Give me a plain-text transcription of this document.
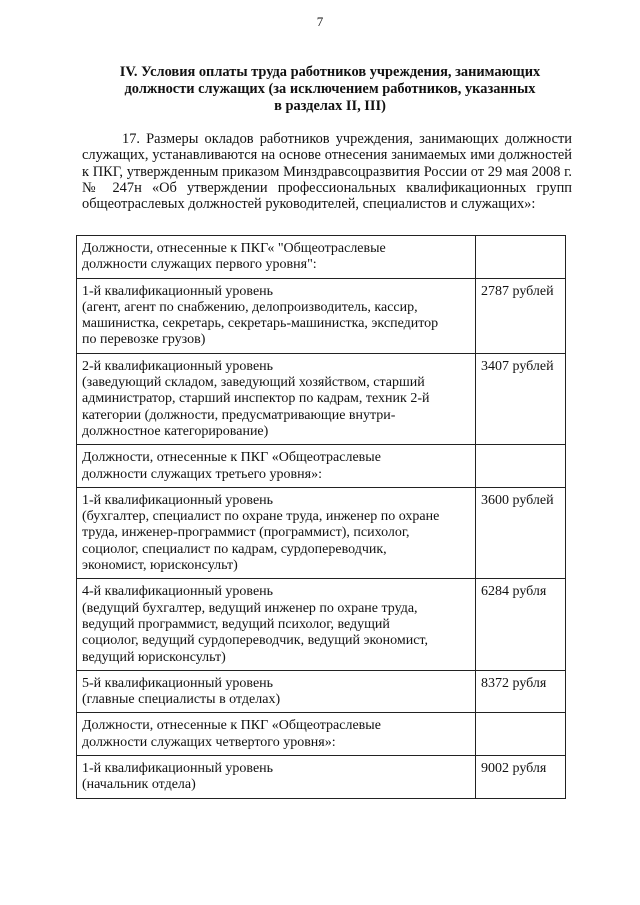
7
IV. Условия оплаты труда работников учреждения, занимающих
должности служащих (за исключением работников, указанных
в разделах II, III)
17. Размеры окладов работников учреждения, занимающих должности служащих, устанавливаются на основе отнесения занимаемых ими должностей к ПКГ, утвержденным приказом Минздравсоцразвития России от 29 мая 2008 г. № 247н «Об утверждении профессиональных квалификационных групп общеотраслевых должностей руководителей, специалистов и служащих»:
Должности, отнесенные к ПКГ« "Общеотраслевые
должности служащих первого уровня":	

1-й квалификационный уровень
(агент, агент по снабжению, делопроизводитель, кассир,
машинистка, секретарь, секретарь-машинистка, экспедитор
по перевозке грузов)	2787 рублей

2-й квалификационный уровень
(заведующий складом, заведующий хозяйством, старший
администратор, старший инспектор по кадрам, техник 2-й
категории (должности, предусматривающие внутри-
должностное категорирование)	3407 рублей

Должности, отнесенные к ПКГ «Общеотраслевые
должности служащих третьего уровня»:	

1-й квалификационный уровень
(бухгалтер, специалист по охране труда, инженер по охране
труда, инженер-программист (программист), психолог,
социолог, специалист по кадрам, сурдопереводчик,
экономист, юрисконсульт)	3600 рублей

4-й квалификационный уровень
(ведущий бухгалтер, ведущий инженер по охране труда,
ведущий программист, ведущий психолог, ведущий
социолог, ведущий сурдопереводчик, ведущий экономист,
ведущий юрисконсульт)	6284 рубля

5-й квалификационный уровень
(главные специалисты в отделах)	8372 рубля

Должности, отнесенные к ПКГ «Общеотраслевые
должности служащих четвертого уровня»:	

1-й квалификационный уровень
(начальник отдела)	9002 рубля
